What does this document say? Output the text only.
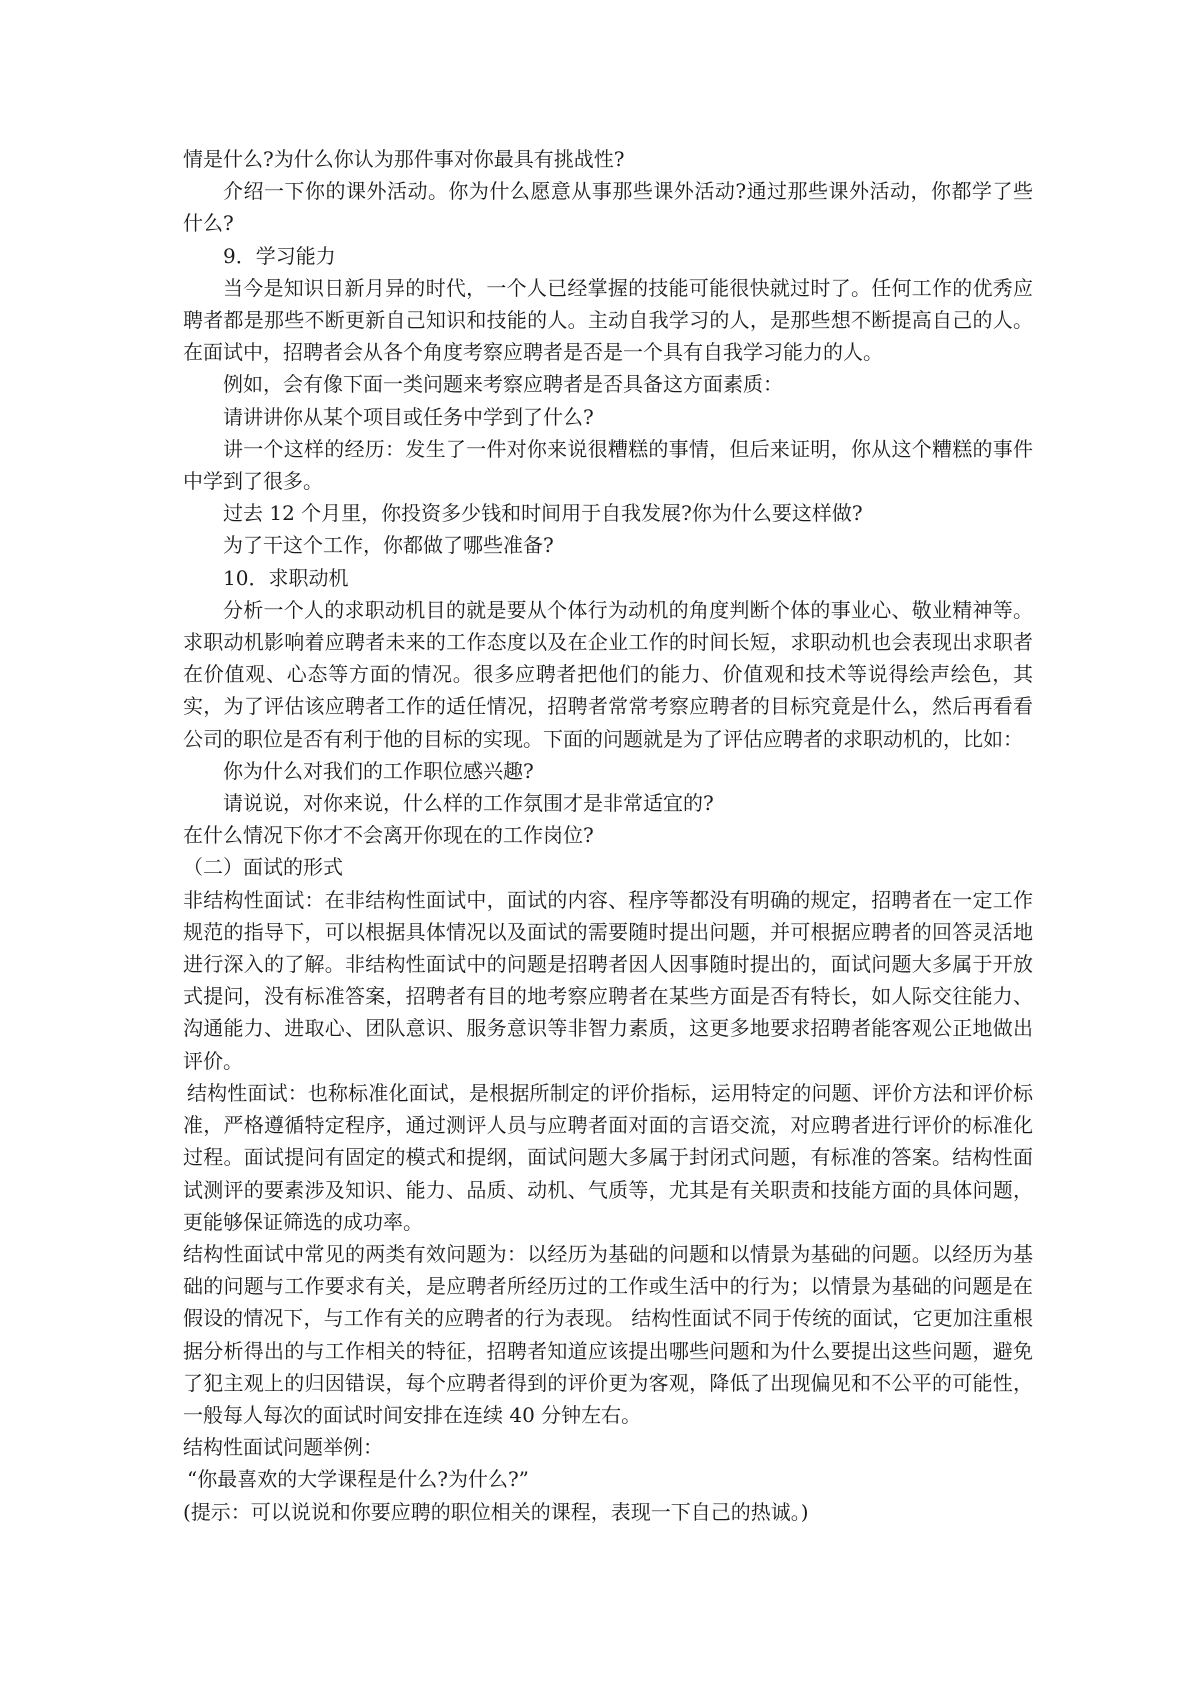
情是什么?为什么你认为那件事对你最具有挑战性?

介绍一下你的课外活动。你为什么愿意从事那些课外活动?通过那些课外活动，你都学了些什么?

9．学习能力

当今是知识日新月异的时代，一个人已经掌握的技能可能很快就过时了。任何工作的优秀应聘者都是那些不断更新自己知识和技能的人。主动自我学习的人，是那些想不断提高自己的人。在面试中，招聘者会从各个角度考察应聘者是否是一个具有自我学习能力的人。

例如，会有像下面一类问题来考察应聘者是否具备这方面素质：

请讲讲你从某个项目或任务中学到了什么?

讲一个这样的经历：发生了一件对你来说很糟糕的事情，但后来证明，你从这个糟糕的事件中学到了很多。

过去 12 个月里，你投资多少钱和时间用于自我发展?你为什么要这样做?

为了干这个工作，你都做了哪些准备?

10．求职动机

分析一个人的求职动机目的就是要从个体行为动机的角度判断个体的事业心、敬业精神等。求职动机影响着应聘者未来的工作态度以及在企业工作的时间长短，求职动机也会表现出求职者在价值观、心态等方面的情况。很多应聘者把他们的能力、价值观和技术等说得绘声绘色，其实，为了评估该应聘者工作的适任情况，招聘者常常考察应聘者的目标究竟是什么，然后再看看公司的职位是否有利于他的目标的实现。下面的问题就是为了评估应聘者的求职动机的，比如：

你为什么对我们的工作职位感兴趣?

请说说，对你来说，什么样的工作氛围才是非常适宜的?

在什么情况下你才不会离开你现在的工作岗位?

（二）面试的形式

非结构性面试：在非结构性面试中，面试的内容、程序等都没有明确的规定，招聘者在一定工作规范的指导下，可以根据具体情况以及面试的需要随时提出问题，并可根据应聘者的回答灵活地进行深入的了解。非结构性面试中的问题是招聘者因人因事随时提出的，面试问题大多属于开放式提问，没有标准答案，招聘者有目的地考察应聘者在某些方面是否有特长，如人际交往能力、沟通能力、进取心、团队意识、服务意识等非智力素质，这更多地要求招聘者能客观公正地做出评价。

结构性面试：也称标准化面试，是根据所制定的评价指标，运用特定的问题、评价方法和评价标准，严格遵循特定程序，通过测评人员与应聘者面对面的言语交流，对应聘者进行评价的标准化过程。面试提问有固定的模式和提纲，面试问题大多属于封闭式问题，有标准的答案。结构性面试测评的要素涉及知识、能力、品质、动机、气质等，尤其是有关职责和技能方面的具体问题，更能够保证筛选的成功率。

结构性面试中常见的两类有效问题为：以经历为基础的问题和以情景为基础的问题。以经历为基础的问题与工作要求有关，是应聘者所经历过的工作或生活中的行为；以情景为基础的问题是在假设的情况下，与工作有关的应聘者的行为表现。 结构性面试不同于传统的面试，它更加注重根据分析得出的与工作相关的特征，招聘者知道应该提出哪些问题和为什么要提出这些问题，避免了犯主观上的归因错误，每个应聘者得到的评价更为客观，降低了出现偏见和不公平的可能性，一般每人每次的面试时间安排在连续 40 分钟左右。

结构性面试问题举例：

“你最喜欢的大学课程是什么?为什么?”

(提示：可以说说和你要应聘的职位相关的课程，表现一下自己的热诚。)
